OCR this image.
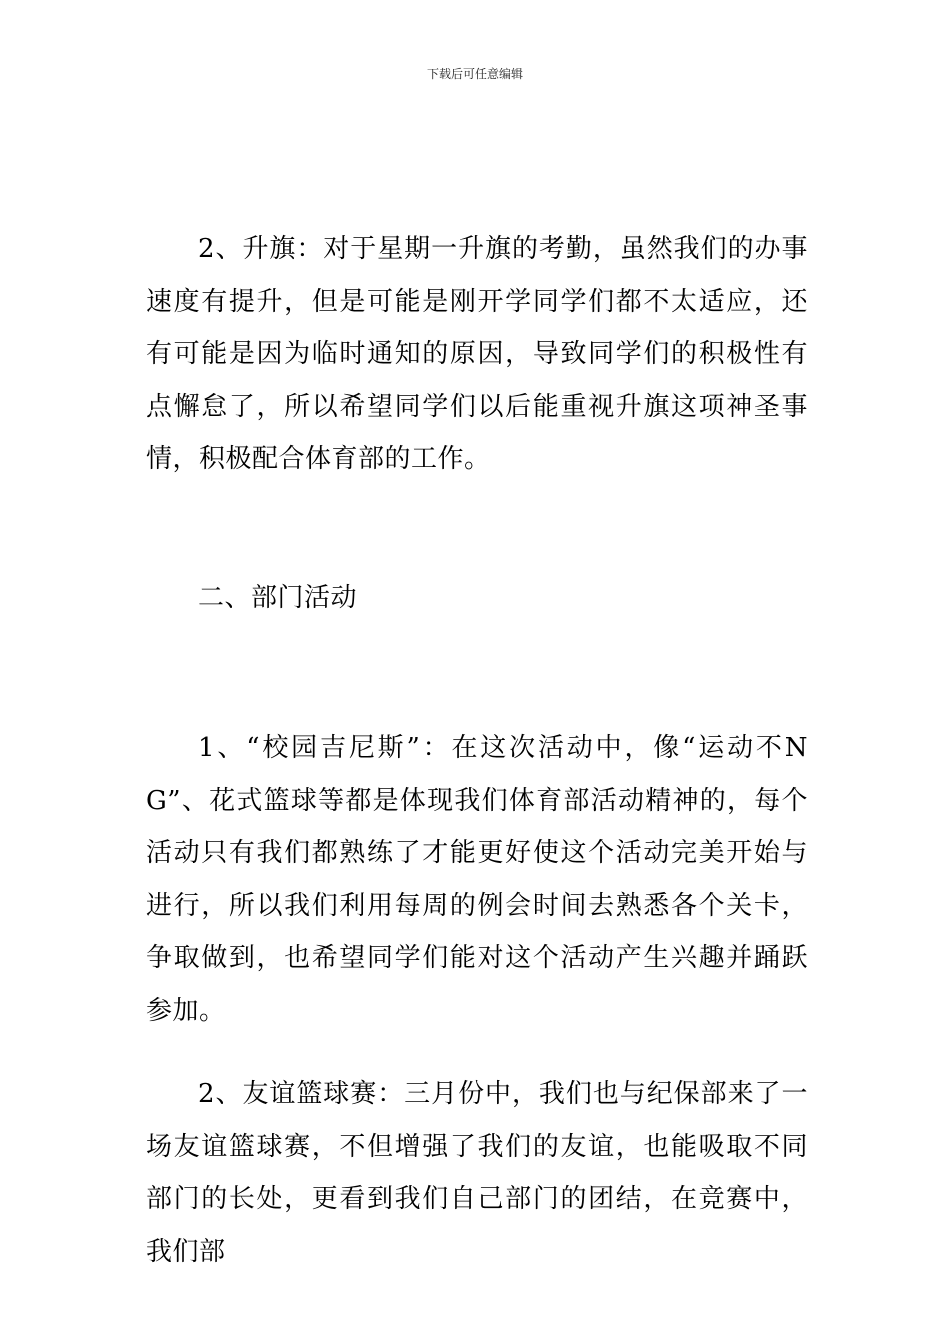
下载后可任意编辑

2、升旗：对于星期一升旗的考勤，虽然我们的办事速度有提升，但是可能是刚开学同学们都不太适应，还有可能是因为临时通知的原因，导致同学们的积极性有点懈怠了，所以希望同学们以后能重视升旗这项神圣事情，积极配合体育部的工作。

二、部门活动

1、“校园吉尼斯”：在这次活动中，像“运动不NG”、花式篮球等都是体现我们体育部活动精神的，每个活动只有我们都熟练了才能更好使这个活动完美开始与进行，所以我们利用每周的例会时间去熟悉各个关卡，争取做到，也希望同学们能对这个活动产生兴趣并踊跃参加。

2、友谊篮球赛：三月份中，我们也与纪保部来了一场友谊篮球赛，不但增强了我们的友谊，也能吸取不同部门的长处，更看到我们自己部门的团结，在竞赛中，我们部
